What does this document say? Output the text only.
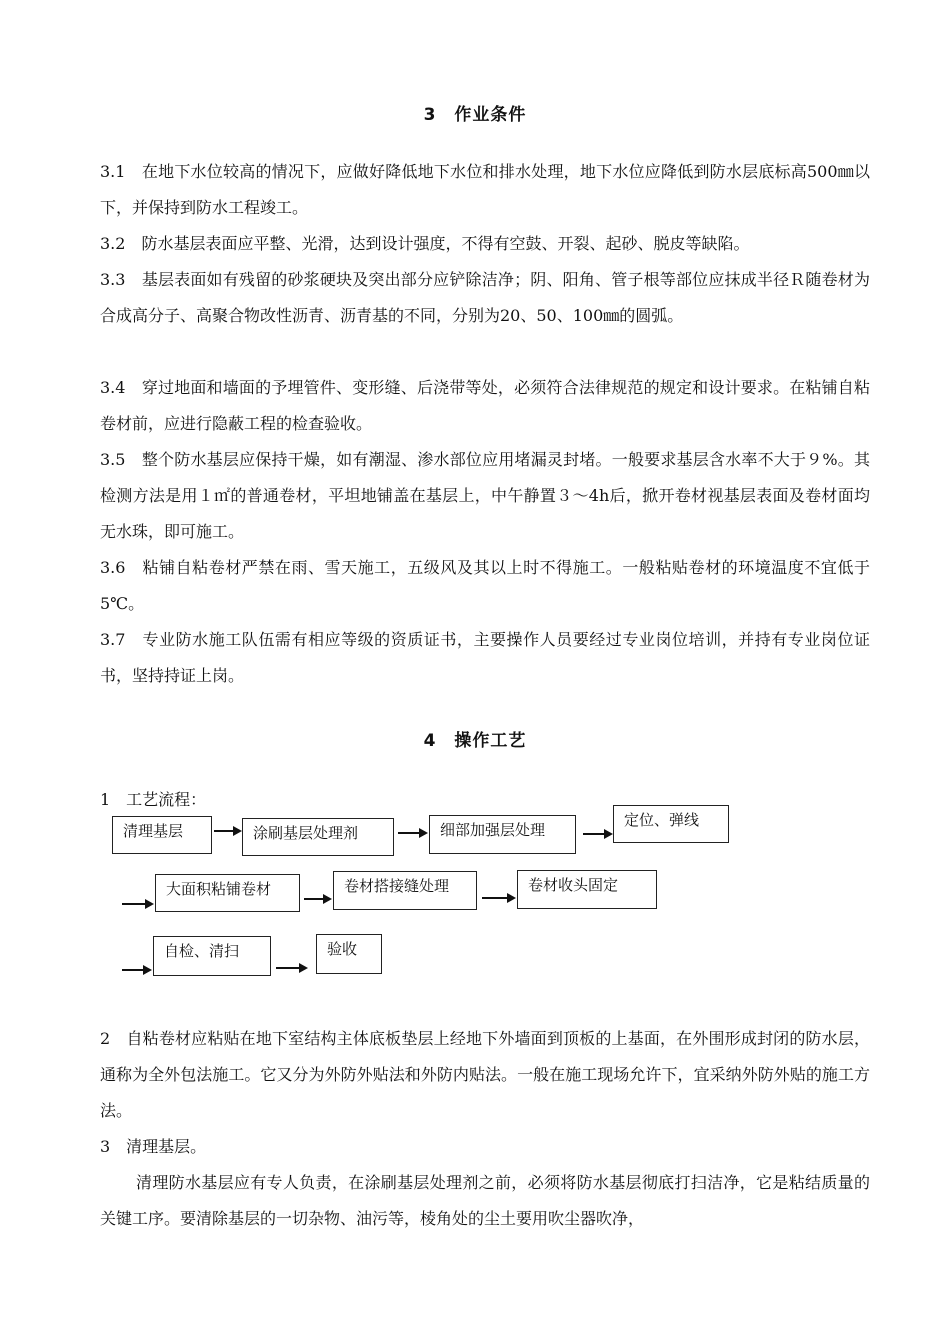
3　作业条件

3.1　在地下水位较高的情况下，应做好降低地下水位和排水处理，地下水位应降低到防水层底标高500㎜以下，并保持到防水工程竣工。

3.2　防水基层表面应平整、光滑，达到设计强度，不得有空鼓、开裂、起砂、脱皮等缺陷。

3.3　基层表面如有残留的砂浆硬块及突出部分应铲除洁净；阴、阳角、管子根等部位应抹成半径Ｒ随卷材为合成高分子、高聚合物改性沥青、沥青基的不同，分别为20、50、100㎜的圆弧。

3.4　穿过地面和墙面的予埋管件、变形缝、后浇带等处，必须符合法律规范的规定和设计要求。在粘铺自粘卷材前，应进行隐蔽工程的检查验收。

3.5　整个防水基层应保持干燥，如有潮湿、渗水部位应用堵漏灵封堵。一般要求基层含水率不大于９%。其检测方法是用１㎡的普通卷材，平坦地铺盖在基层上，中午静置３～4h后，掀开卷材视基层表面及卷材面均无水珠，即可施工。

3.6　粘铺自粘卷材严禁在雨、雪天施工，五级风及其以上时不得施工。一般粘贴卷材的环境温度不宜低于5℃。

3.7　专业防水施工队伍需有相应等级的资质证书，主要操作人员要经过专业岗位培训，并持有专业岗位证书，坚持持证上岗。

4　操作工艺
1　工艺流程：
清理基层	涂刷基层处理剂	细部加强层处理
定位、弹线
大面积粘铺卷材	卷材搭接缝处理	卷材收头固定
自检、清扫	验收

2　自粘卷材应粘贴在地下室结构主体底板垫层上经地下外墙面到顶板的上基面，在外围形成封闭的防水层，通称为全外包法施工。它又分为外防外贴法和外防内贴法。一般在施工现场允许下，宜采纳外防外贴的施工方法。

3　清理基层。

清理防水基层应有专人负责，在涂刷基层处理剂之前，必须将防水基层彻底打扫洁净，它是粘结质量的关键工序。要清除基层的一切杂物、油污等，棱角处的尘土要用吹尘器吹净，
